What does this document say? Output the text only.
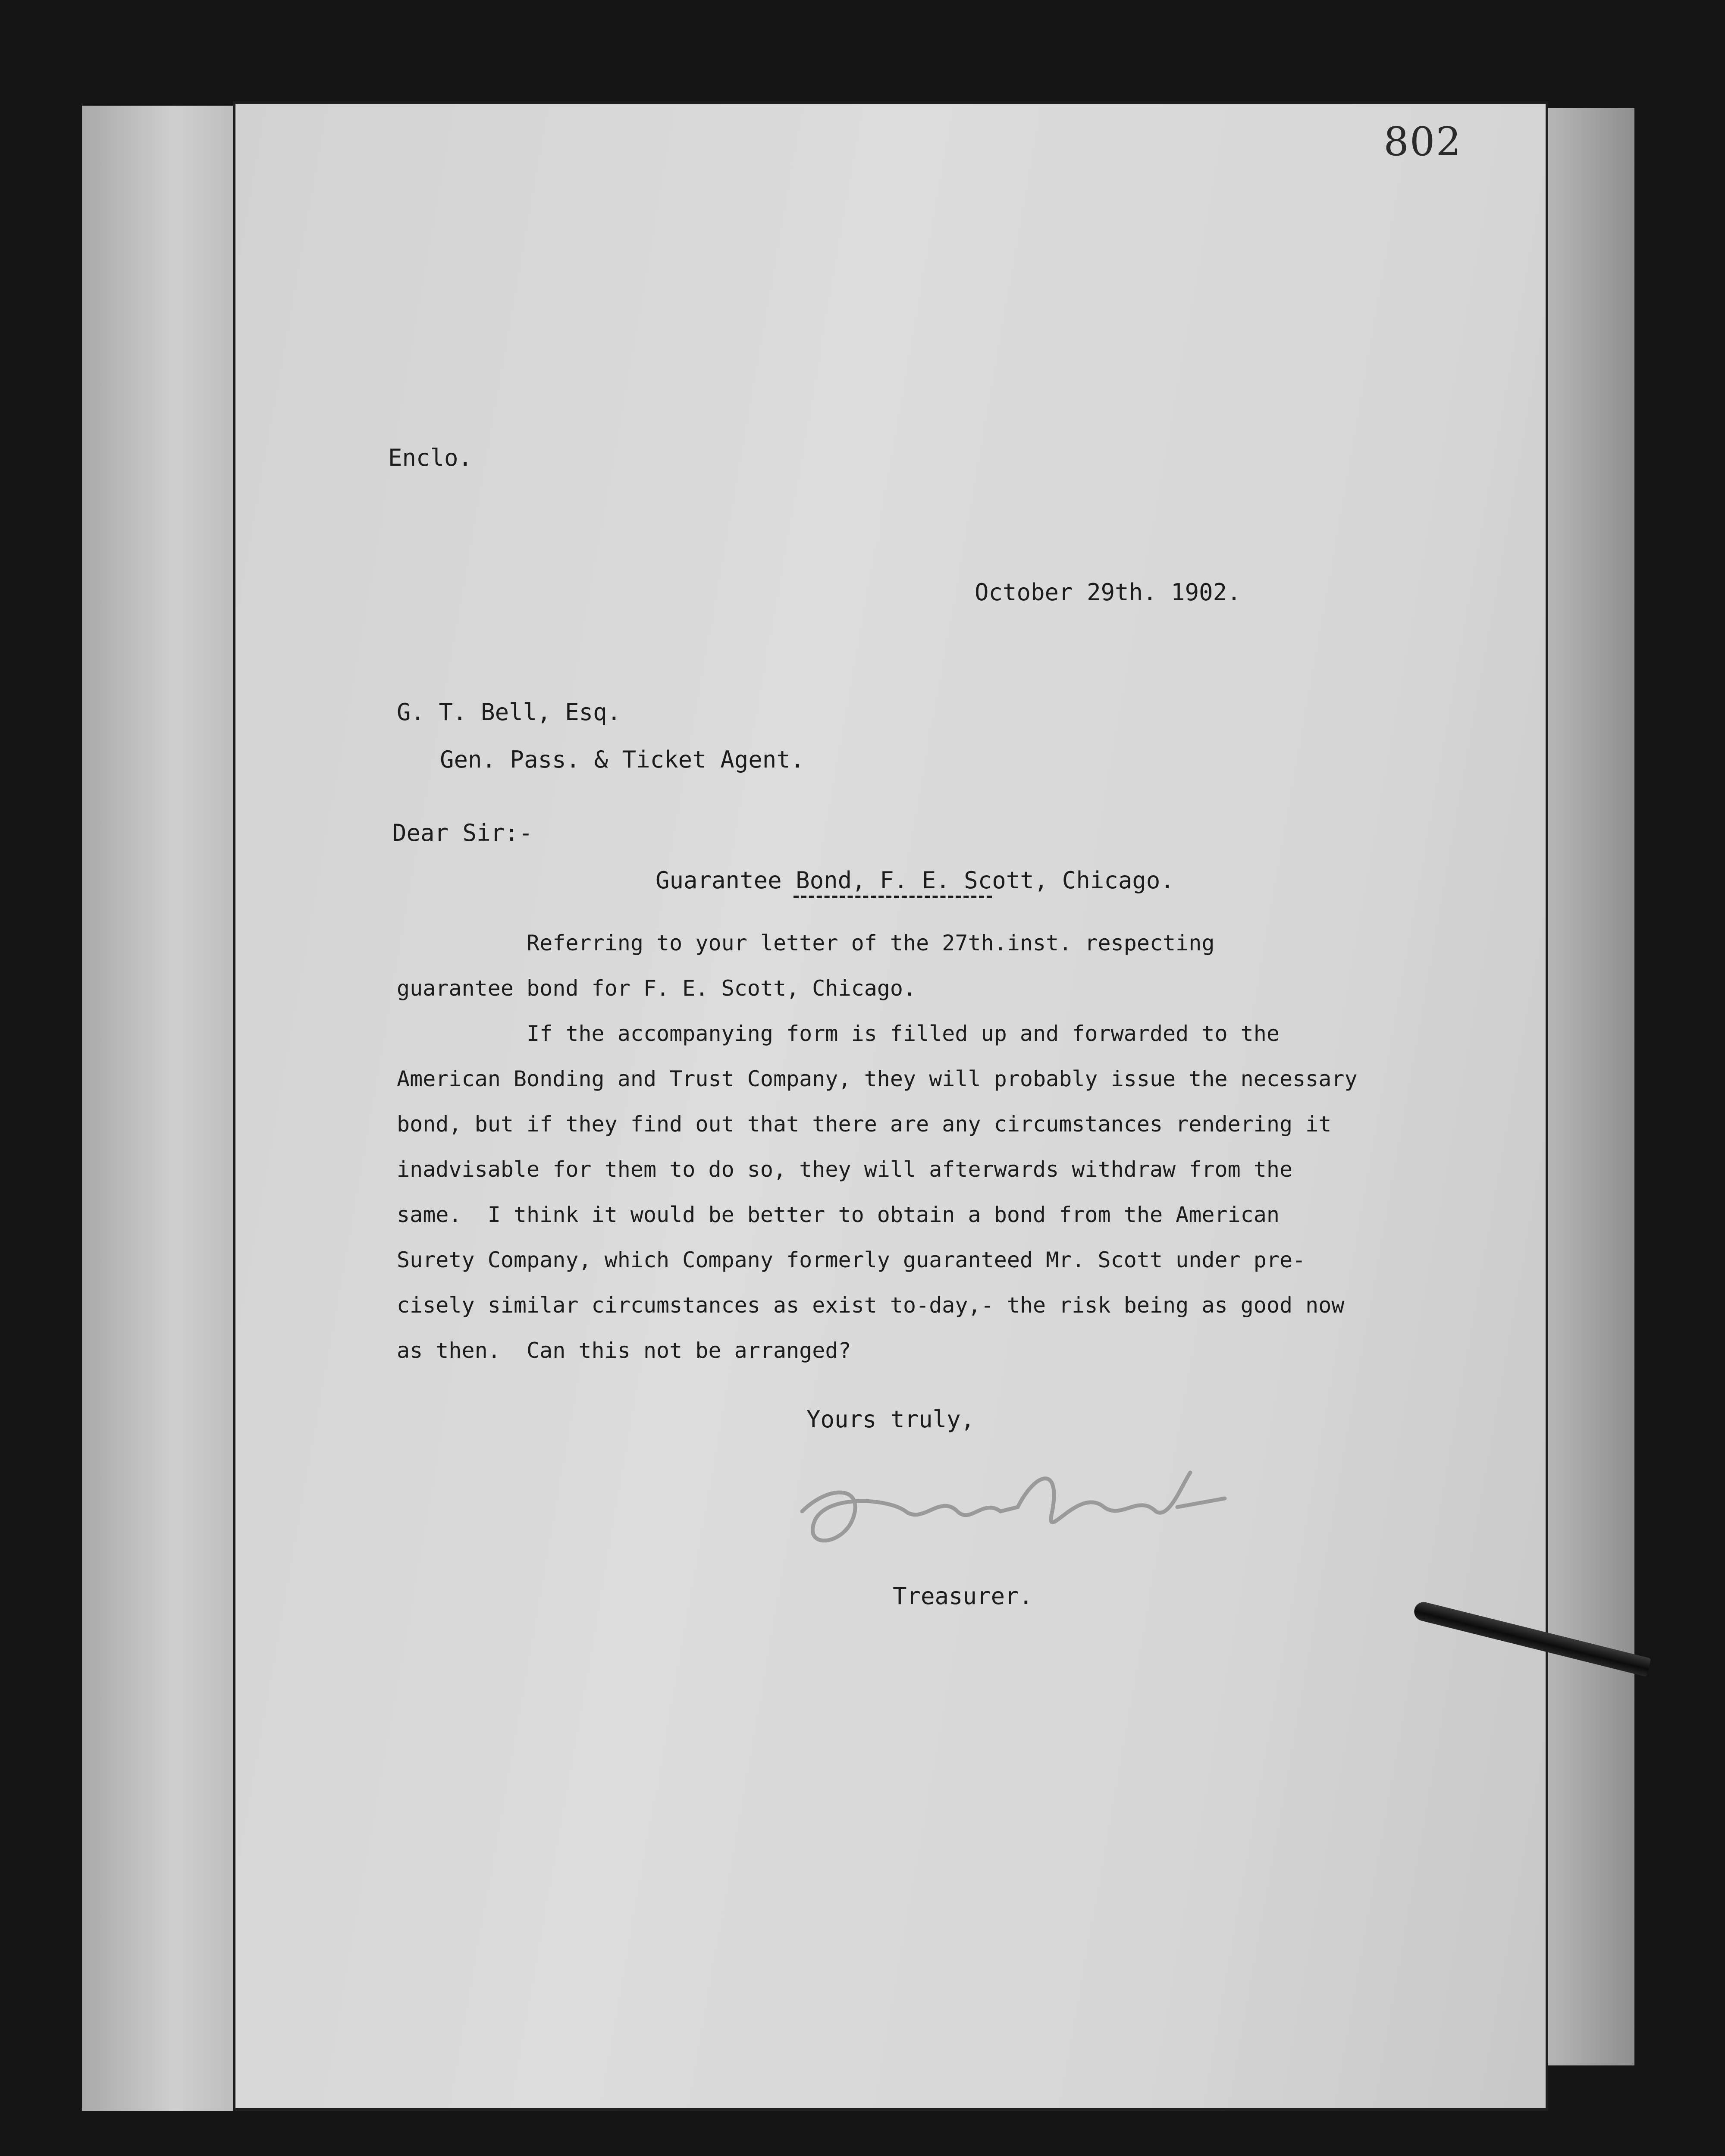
802
Enclo.
October 29th. 1902.
G. T. Bell, Esq.
Gen. Pass. & Ticket Agent.
Dear Sir:-
Guarantee Bond, F. E. Scott, Chicago.

Referring to your letter of the 27th.inst. respecting

guarantee bond for F. E. Scott, Chicago.

If the accompanying form is filled up and forwarded to the

American Bonding and Trust Company, they will probably issue the necessary

bond, but if they find out that there are any circumstances rendering it

inadvisable for them to do so, they will afterwards withdraw from the

same.  I think it would be better to obtain a bond from the American

Surety Company, which Company formerly guaranteed Mr. Scott under pre-

cisely similar circumstances as exist to-day,- the risk being as good now

as then.  Can this not be arranged?

Yours truly,
Treasurer.
